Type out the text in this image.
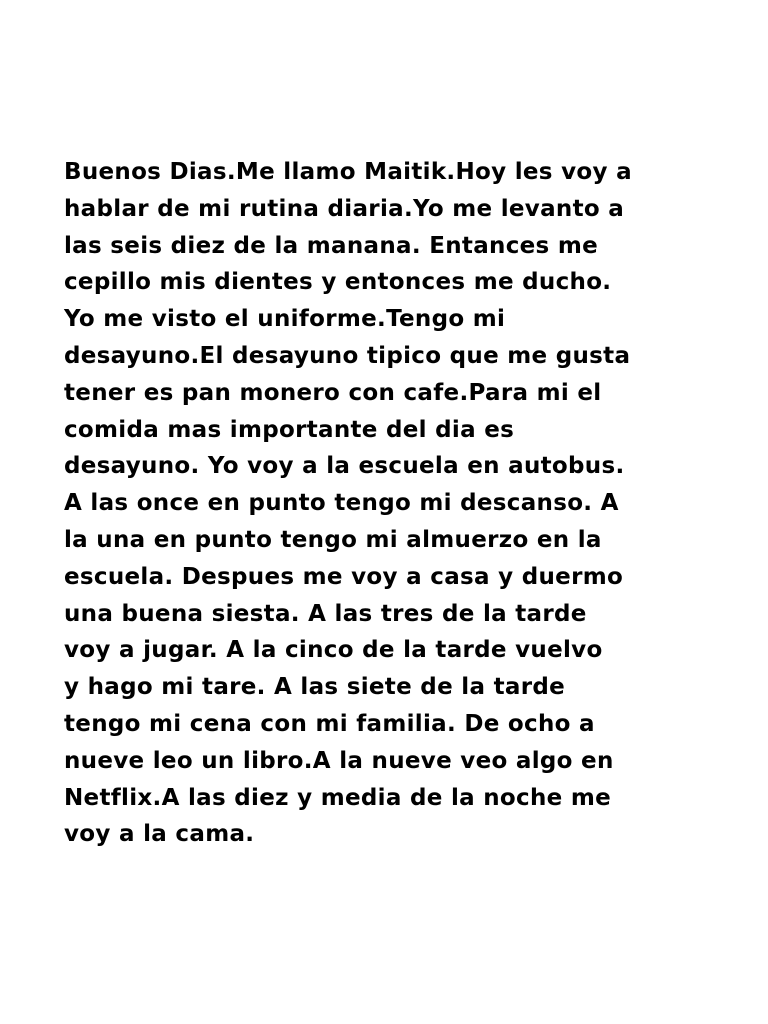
Buenos Dias.Me llamo Maitik.Hoy les voy a
hablar de mi rutina diaria.Yo me levanto a
las seis diez de la manana. Entances me
cepillo mis dientes y entonces me ducho.
Yo me visto el uniforme.Tengo mi
desayuno.El desayuno tipico que me gusta
tener es pan monero con cafe.Para mi el
comida mas importante del dia es
desayuno. Yo voy a la escuela en autobus.
A las once en punto tengo mi descanso. A
la una en punto tengo mi almuerzo en la
escuela. Despues me voy a casa y duermo
una buena siesta. A las tres de la tarde
voy a jugar. A la cinco de la tarde vuelvo
y hago mi tare. A las siete de la tarde
tengo mi cena con mi familia. De ocho a
nueve leo un libro.A la nueve veo algo en
Netflix.A las diez y media de la noche me
voy a la cama.
